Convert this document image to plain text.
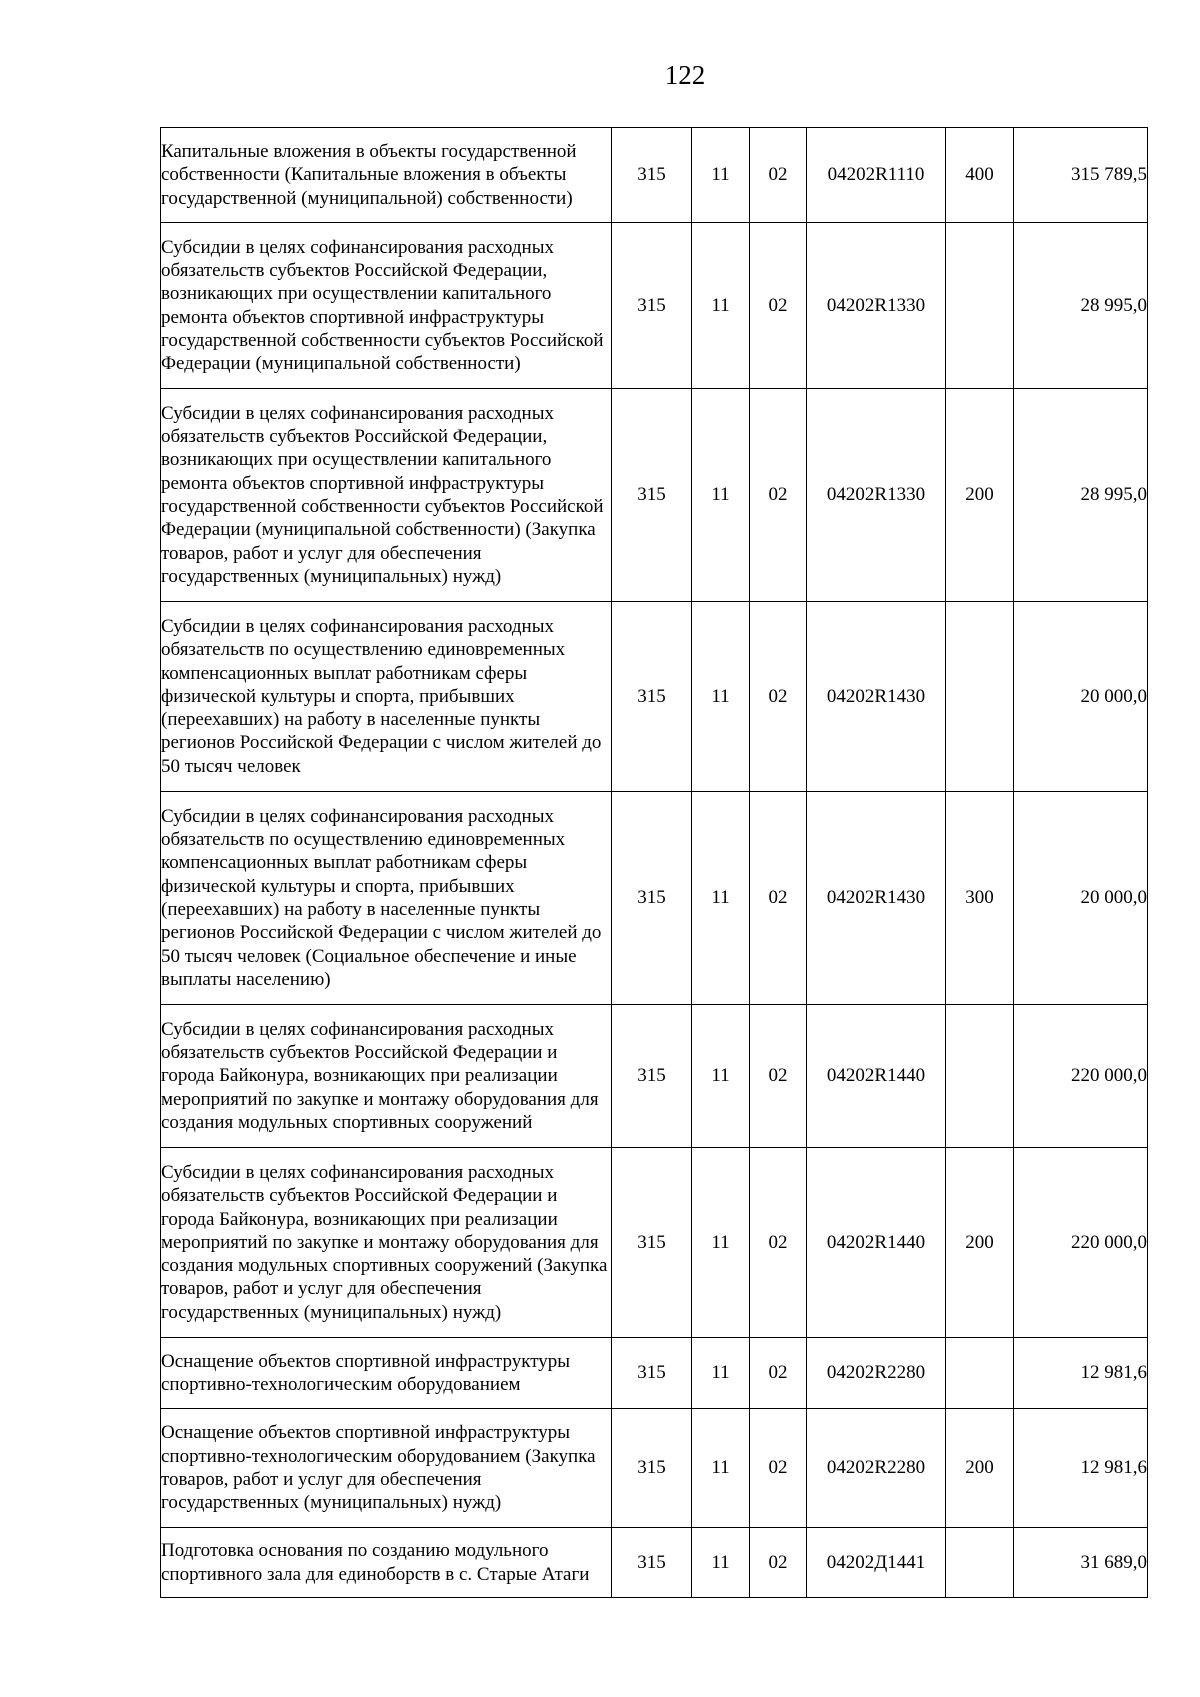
122
Капитальные вложения в объекты государственной собственности (Капитальные вложения в объекты государственной (муниципальной) собственности)	315	11	02	04202R1110	400	315 789,5
Субсидии в целях софинансирования расходных обязательств субъектов Российской Федерации, возникающих при осуществлении капитального ремонта объектов спортивной инфраструктуры государственной собственности субъектов Российской Федерации (муниципальной собственности)	315	11	02	04202R1330		28 995,0
Субсидии в целях софинансирования расходных обязательств субъектов Российской Федерации, возникающих при осуществлении капитального ремонта объектов спортивной инфраструктуры государственной собственности субъектов Российской Федерации (муниципальной собственности) (Закупка товаров, работ и услуг для обеспечения государственных (муниципальных) нужд)	315	11	02	04202R1330	200	28 995,0
Субсидии в целях софинансирования расходных обязательств по осуществлению единовременных компенсационных выплат работникам сферы физической культуры и спорта, прибывших (переехавших) на работу в населенные пункты регионов Российской Федерации с числом жителей до 50 тысяч человек	315	11	02	04202R1430		20 000,0
Субсидии в целях софинансирования расходных обязательств по осуществлению единовременных компенсационных выплат работникам сферы физической культуры и спорта, прибывших (переехавших) на работу в населенные пункты регионов Российской Федерации с числом жителей до 50 тысяч человек (Социальное обеспечение и иные выплаты населению)	315	11	02	04202R1430	300	20 000,0
Субсидии в целях софинансирования расходных обязательств субъектов Российской Федерации и города Байконура, возникающих при реализации мероприятий по закупке и монтажу оборудования для создания модульных спортивных сооружений	315	11	02	04202R1440		220 000,0
Субсидии в целях софинансирования расходных обязательств субъектов Российской Федерации и города Байконура, возникающих при реализации мероприятий по закупке и монтажу оборудования для создания модульных спортивных сооружений (Закупка товаров, работ и услуг для обеспечения государственных (муниципальных) нужд)	315	11	02	04202R1440	200	220 000,0
Оснащение объектов спортивной инфраструктуры спортивно-технологическим оборудованием	315	11	02	04202R2280		12 981,6
Оснащение объектов спортивной инфраструктуры спортивно-технологическим оборудованием (Закупка товаров, работ и услуг для обеспечения государственных (муниципальных) нужд)	315	11	02	04202R2280	200	12 981,6
Подготовка основания по созданию модульного спортивного зала для единоборств в с. Старые Атаги	315	11	02	04202Д1441		31 689,0
